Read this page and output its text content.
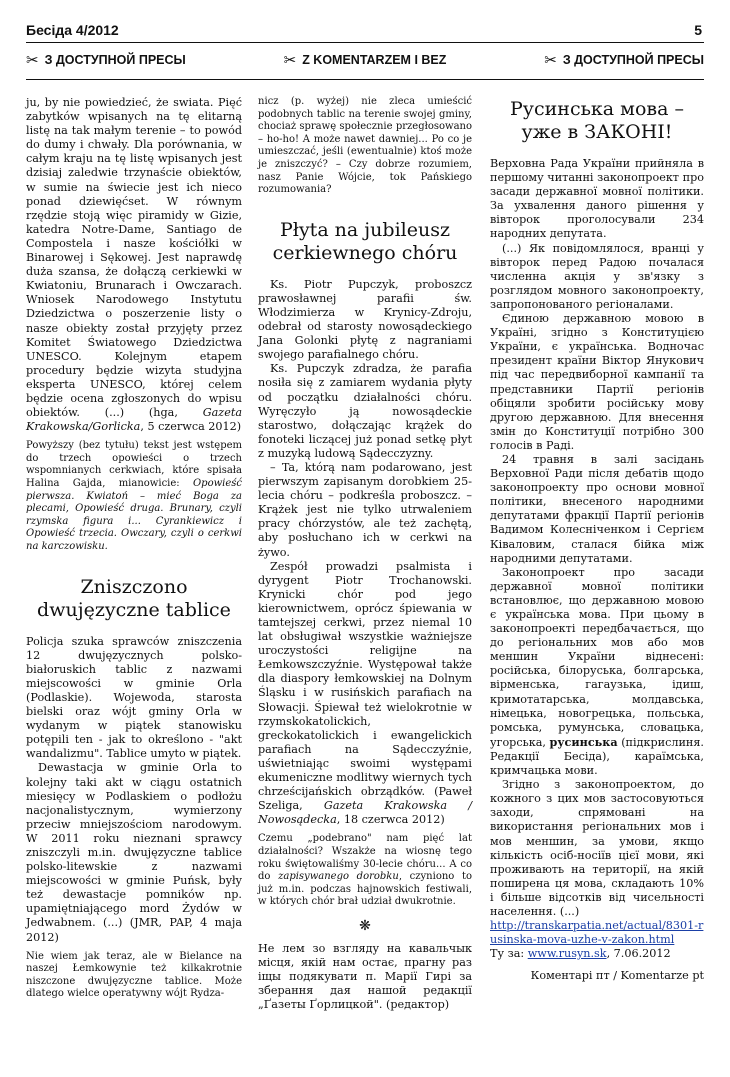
Бесіда 4/2012	5
✂ З ДОСТУПНОЙ ПРЕСЫ	✂ Z KOMENTARZEM I BEZ	✂ З ДОСТУПНОЙ ПРЕСЫ

ju, by nie powiedzieć, że swiata. Pięć zabytków wpisanych na tę elitarną listę na tak małym terenie – to powód do dumy i chwały. Dla porównania, w całym kraju na tę listę wpisanych jest dzisiaj zaledwie trzynaście obiektów, w sumie na świecie jest ich nieco ponad dziewięćset. W równym rzędzie stoją więc piramidy w Gizie, katedra Notre-Dame, Santiago de Compostela i nasze kościółki w Binarowej i Sękowej. Jest naprawdę duża szansa, że dołączą cerkiewki w Kwiatoniu, Brunarach i Owczarach. Wniosek Narodowego Instytutu Dziedzictwa o poszerzenie listy o nasze obiekty został przyjęty przez Komitet Światowego Dziedzictwa UNESCO. Kolejnym etapem procedury będzie wizyta studyjna eksperta UNESCO, której celem będzie ocena zgłoszonych do wpisu obiektów. (...) (hga, Gazeta Krakowska/Gorlicka, 5 czerwca 2012)

Powyższy (bez tytułu) tekst jest wstępem do trzech opowieści o trzech wspomnianych cerkwiach, które spisała Halina Gajda, mianowicie: Opowieść pierwsza. Kwiatoń – mieć Boga za plecami, Opowieść druga. Brunary, czyli rzymska figura i... Cyrankiewicz i Opowieść trzecia. Owczary, czyli o cerkwi na karczowisku.

Zniszczono dwujęzyczne tablice

Policja szuka sprawców zniszczenia 12 dwujęzycznych polsko-białoruskich tablic z nazwami miejscowości w gminie Orla (Podlaskie). Wojewoda, starosta bielski oraz wójt gminy Orla w wydanym w piątek stanowisku potępili ten - jak to określono - "akt wandalizmu". Tablice umyto w piątek.

Dewastacja w gminie Orla to kolejny taki akt w ciągu ostatnich miesięcy w Podlaskiem o podłożu nacjonalistycznym, wymierzony przeciw mniejszościom narodowym. W 2011 roku nieznani sprawcy zniszczyli m.in. dwujęzyczne tablice polsko-litewskie z nazwami miejscowości w gminie Puńsk, były też dewastacje pomników np. upamiętniającego mord Żydów w Jedwabnem. (...) (JMR, PAP, 4 maja 2012)

Nie wiem jak teraz, ale w Bielance na naszej Łemkowynie też kilkakrotnie niszczone dwujęzyczne tablice. Może dlatego wielce operatywny wójt Rydza-

nicz (p. wyżej) nie zleca umieścić podobnych tablic na terenie swojej gminy, chociaż sprawę społecznie przegłosowano – ho-ho! A może nawet dawniej... Po co je umieszczać, jeśli (ewentualnie) ktoś może je zniszczyć? – Czy dobrze rozumiem, nasz Panie Wójcie, tok Pańskiego rozumowania?

Płyta na jubileusz cerkiewnego chóru

Ks. Piotr Pupczyk, proboszcz prawosławnej parafii św. Włodzimierza w Krynicy-Zdroju, odebrał od starosty nowosądeckiego Jana Golonki płytę z nagraniami swojego parafialnego chóru.

Ks. Pupczyk zdradza, że parafia nosiła się z zamiarem wydania płyty od początku działalności chóru. Wyręczyło ją nowosądeckie starostwo, dołączając krążek do fonoteki liczącej już ponad setkę płyt z muzyką ludową Sądecczyzny.

– Ta, którą nam podarowano, jest pierwszym zapisanym dorobkiem 25-lecia chóru – podkreśla proboszcz. – Krążek jest nie tylko utrwaleniem pracy chórzystów, ale też zachętą, aby posłuchano ich w cerkwi na żywo.

Zespół prowadzi psalmista i dyrygent Piotr Trochanowski. Krynicki chór pod jego kierownictwem, oprócz śpiewania w tamtejszej cerkwi, przez niemal 10 lat obsługiwał wszystkie ważniejsze uroczystości religijne na Łemkowszczyźnie. Występował także dla diaspory łemkowskiej na Dolnym Śląsku i w rusińskich parafiach na Słowacji. Śpiewał też wielokrotnie w rzymskokatolickich, greckokatolickich i ewangelickich parafiach na Sądecczyźnie, uświetniając swoimi występami ekumeniczne modlitwy wiernych tych chrześcijańskich obrządków. (Paweł Szeliga, Gazeta Krakowska / Nowosądecka, 18 czerwca 2012)

Czemu „podebrano" nam pięć lat działalności? Wszakże na wiosnę tego roku świętowaliśmy 30-lecie chóru... A co do zapisywanego dorobku, czyniono to już m.in. podczas hajnowskich festiwali, w których chór brał udział dwukrotnie.

❋

Не лем зо взгляду на кавальчык місця, якій нам остає, прагну раз іщы подякувати п. Марії Гирі за зберання дая нашой редакції „Ґазеты Ґорлицкой". (редактор)

Русинська мова – уже в ЗАКОНІ!

Верховна Рада України прийняла в першому читанні законопроект про засади державної мовної політики. За ухвалення даного рішення у вівторок проголосували 234 народних депутата.

(...) Як повідомлялося, вранці у вівторок перед Радою почалася численна акція у зв'язку з розглядом мовного законопроекту, запропонованого регіоналами.

Єдиною державною мовою в Україні, згідно з Конституцією України, є українська. Водночас президент країни Віктор Янукович під час передвиборної кампанії та представники Партії регіонів обіцяли зробити російську мову другою державною. Для внесення змін до Конституції потрібно 300 голосів в Раді.

24 травня в залі засідань Верховної Ради після дебатів щодо законопроекту про основи мовної політики, внесеного народними депутатами фракції Партії регіонів Вадимом Колесніченком і Сергієм Ківаловим, сталася бійка між народними депутатами.

Законопроект про засади державної мовної політики встановлює, що державною мовою є українська мова. При цьому в законопроекті передбачається, що до регіональних мов або мов меншин України віднесені: російська, білоруська, болгарська, вірменська, гагаузька, ідиш, кримотатарська, молдавська, німецька, новогрецька, польська, ромська, румунська, словацька, угорська, русинська (підкрислиня. Редакції Бесіда), караїмська, кримчацька мови.

Згідно з законопроектом, до кожного з цих мов застосовуються заходи, спрямовані на використання регіональних мов і мов меншин, за умови, якщо кількість осіб-носіїв цієї мови, які проживають на території, на якій поширена ця мова, складають 10% і більше відсотків від чисельності населення. (...)

http://transkarpatia.net/actual/8301-rusinska-mova-uzhe-v-zakon.html

Ту за: www.rusyn.sk, 7.06.2012

Коментарі пт / Komentarze pt
